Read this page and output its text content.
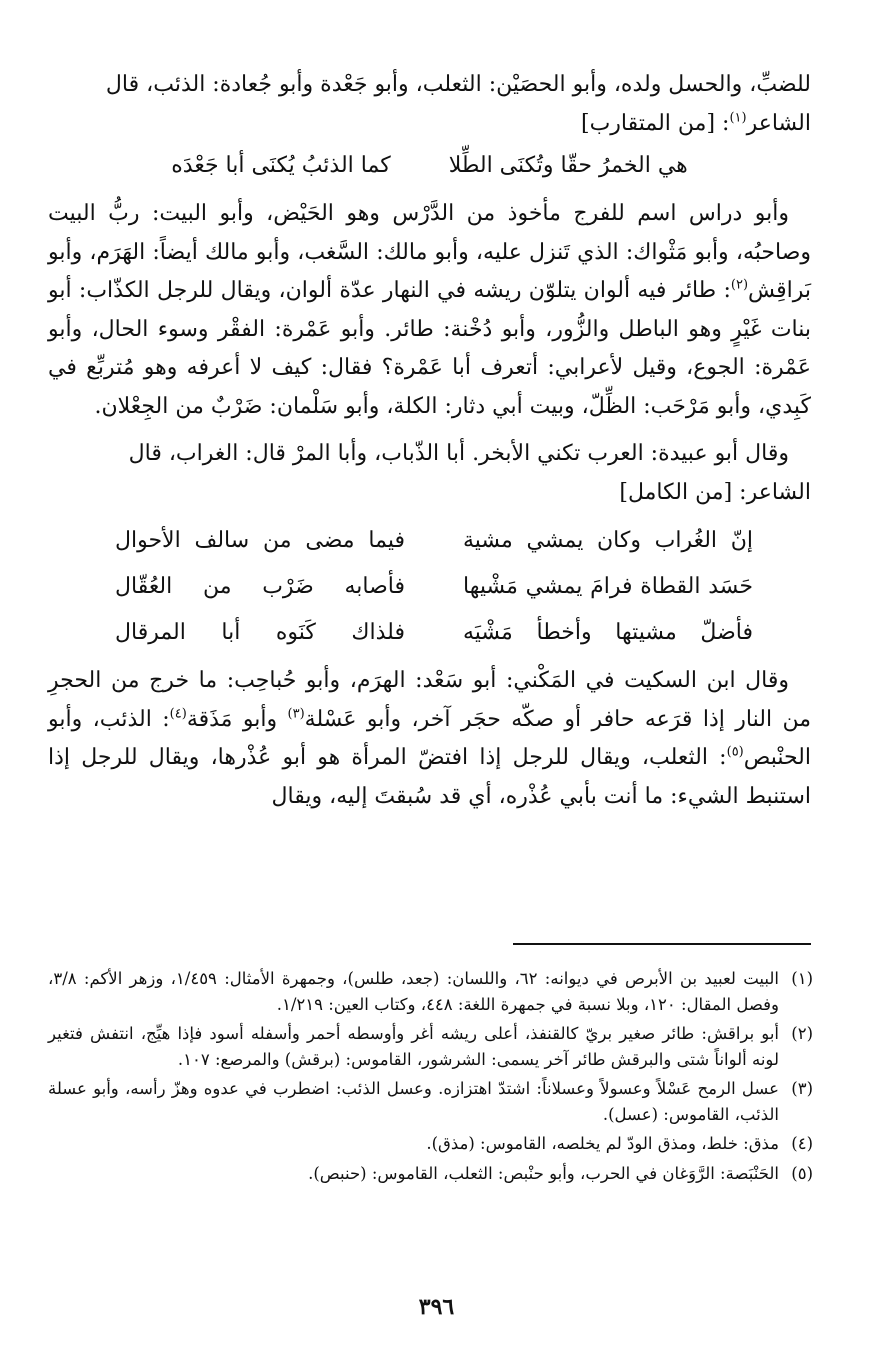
للضبِّ، والحسل ولده، وأبو الحصَيْن: الثعلب، وأبو جَعْدة وأبو جُعادة: الذئب، قال
الشاعر$^{(١)}$: [من المتقارب]

هي الخمرُ حقّا وتُكنَى الطِّلا
كما الذئبُ يُكنَى أبا جَعْدَه

وأبو دراس اسم للفرج مأخوذ من الدَّرْس وهو الحَيْض، وأبو البيت: ربُّ البيت وصاحبُه، وأبو مَثْواك: الذي تَنزل عليه، وأبو مالك: السَّغب، وأبو مالك أيضاً: الهَرَم، وأبو بَراقِش$^{(٢)}$: طائر فيه ألوان يتلوّن ريشه في النهار عدّة ألوان، ويقال للرجل الكذّاب: أبو بنات غَيْرٍ وهو الباطل والزُّور، وأبو دُخْنة: طائر. وأبو عَمْرة: الفقْر وسوء الحال، وأبو عَمْرة: الجوع، وقيل لأعرابي: أتعرف أبا عَمْرة؟ فقال: كيف لا أعرفه وهو مُتربِّع في كَبِدي، وأبو مَرْحَب: الظِّلّ، وبيت أبي دثار: الكلة، وأبو سَلْمان: ضَرْبٌ من الجِعْلان.

وقال أبو عبيدة: العرب تكني الأبخر. أبا الذّباب، وأبا المرْ قال: الغراب، قال
الشاعر: [من الكامل]

إنّ الغُراب وكان يمشي مشية
فيما مضى من سالف الأحوال
حَسَد القطاة فرامَ يمشي مَشْيها
فأصابه ضَرْب من العُقّال
فأضلّ مشيتها وأخطأ مَشْيَه
فلذاك كَنَوه أبا المرقال

وقال ابن السكيت في المَكْني: أبو سَعْد: الهرَم، وأبو حُباحِب: ما خرج من الحجرِ من النار إذا قرَعه حافر أو صكّه حجَر آخر، وأبو عَسْلة$^{(٣)}$ وأبو مَذَقة$^{(٤)}$: الذئب، وأبو الحنْبص$^{(٥)}$: الثعلب، ويقال للرجل إذا افتضّ المرأة هو أبو عُذْرها، ويقال للرجل إذا استنبط الشيء: ما أنت بأبي عُذْره، أي قد سُبقتَ إليه، ويقال

(١)
البيت لعبيد بن الأبرص في ديوانه: ٦٢، واللسان: (جعد، طلس)، وجمهرة الأمثال: ١/٤٥٩، وزهر الأكم: ٣/٨، وفصل المقال: ١٢٠، وبلا نسبة في جمهرة اللغة: ٤٤٨، وكتاب العين: ١/٢١٩.
(٢)
أبو براقش: طائر صغير بريّ كالقنفذ، أعلى ريشه أغر وأوسطه أحمر وأسفله أسود فإذا هيِّج، انتفش فتغير لونه ألواناً شتى والبرقش طائر آخر يسمى: الشرشور، القاموس: (برقش) والمرصع: ١٠٧.
(٣)
عسل الرمح عَسْلاً وعسولاً وعسلاناً: اشتدّ اهتزازه. وعسل الذئب: اضطرب في عدوه وهزّ رأسه، وأبو عسلة الذئب، القاموس: (عسل).
(٤)
مذق: خلط، ومذق الودّ لم يخلصه، القاموس: (مذق).
(٥)
الحَنْبَصة: الرَّوَغان في الحرب، وأبو حنْبص: الثعلب، القاموس: (حنبص).
٣٩٦
